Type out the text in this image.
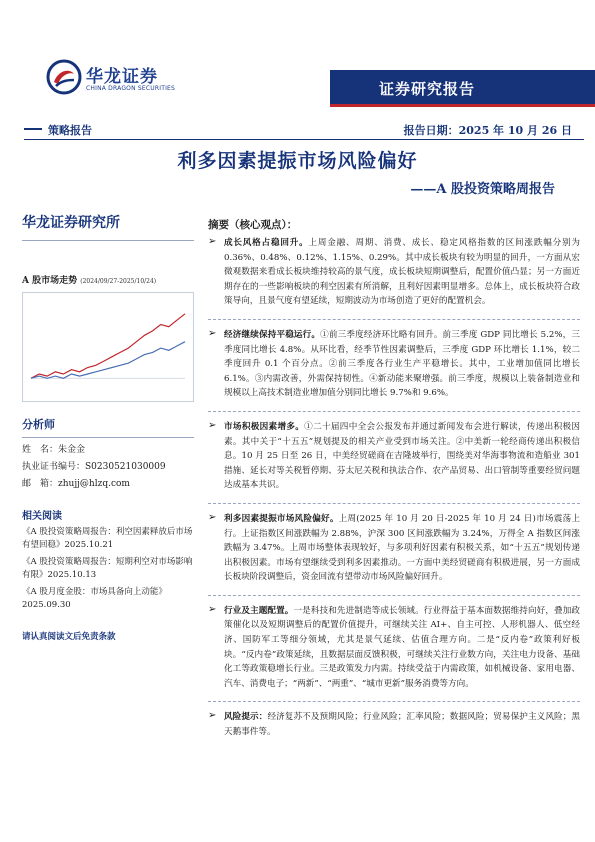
华龙证券
CHINA DRAGON SECURITIES	证券研究报告
策略报告	报告日期：2025 年 10 月 26 日
利多因素提振市场风险偏好
——A 股投资策略周报告
华龙证券研究所
A 股市场走势 (2024/09/27-2025/10/24)
分析师
姓　名：朱金金
执业证书编号：S0230521030009
邮　箱：zhujj@hlzq.com
相关阅读
《A 股投资策略周报告：利空因素释放后市场有望回稳》2025.10.21
《A 股投资策略周报告：短期利空对市场影响有限》2025.10.13
《A 股月度金股：市场具备向上动能》2025.09.30
请认真阅读文后免责条款
摘要（核心观点）：
➢ 成长风格占稳回升。上周金融、周期、消费、成长、稳定风格指数的区间涨跌幅分别为 0.36%、0.48%、0.12%、1.15%、0.29%。其中成长板块有较为明显的回升，一方面从宏微观数据来看成长板块维持较高的景气度，成长板块短期调整后，配置价值凸显；另一方面近期存在的一些影响板块的利空因素有所消解，且利好因素明显增多。总体上，成长板块符合政策导向，且景气度有望延续，短期波动为市场创造了更好的配置机会。
➢ 经济继续保持平稳运行。①前三季度经济环比略有回升。前三季度 GDP 同比增长 5.2%，三季度同比增长 4.8%。从环比看，经季节性因素调整后，三季度 GDP 环比增长 1.1%，较二季度回升 0.1 个百分点。②前三季度各行业生产平稳增长。其中，工业增加值同比增长 6.1%。③内需改善，外需保持韧性。④新动能来聚增强。前三季度，规模以上装备制造业和规模以上高技术制造业增加值分别同比增长 9.7%和 9.6%。
➢ 市场积极因素增多。①二十届四中全会公报发布并通过新闻发布会进行解读，传递出积极因素。其中关于“十五五”规划提及的相关产业受到市场关注。②中美新一轮经商传递出积极信息。10 月 25 日至 26 日，中美经贸磋商在吉隆坡举行，围绕美对华海事物流和造船业 301 措施、延长对等关税暂停期、芬太尼关税和执法合作、农产品贸易、出口管制等重要经贸问题达成基本共识。
➢ 利多因素提振市场风险偏好。上周(2025 年 10 月 20 日-2025 年 10 月 24 日)市场震荡上行。上证指数区间涨跌幅为 2.88%，沪深 300 区间涨跌幅为 3.24%，万得全 A 指数区间涨跌幅为 3.47%。上周市场整体表现较好，与多项利好因素有积极关系，如“十五五”规划传递出积极因素。市场有望继续受到利多因素推动。一方面中美经贸磋商有积极进展，另一方面成长板块阶段调整后，资金回流有望带动市场风险偏好回升。
➢ 行业及主题配置。一是科技和先进制造等成长领域。行业得益于基本面数据维持向好，叠加政策催化以及短期调整后的配置价值提升，可继续关注 AI+、自主可控、人形机器人、低空经济、国防军工等细分领域，尤其是景气延续、估值合理方向。二是“反内卷”政策利好板块。“反内卷”政策延续，且数据层面反馈积极，可继续关注行业数方向，关注电力设备、基础化工等政策稳增长行业。三是政策发力内需。持续受益于内需政策，如机械设备、家用电器、汽车、消费电子；“两新”、“两重”、“城市更新”服务消费等方向。
➢ 风险提示：经济复苏不及预期风险；行业风险；汇率风险；数据风险；贸易保护主义风险；黑天鹅事件等。
